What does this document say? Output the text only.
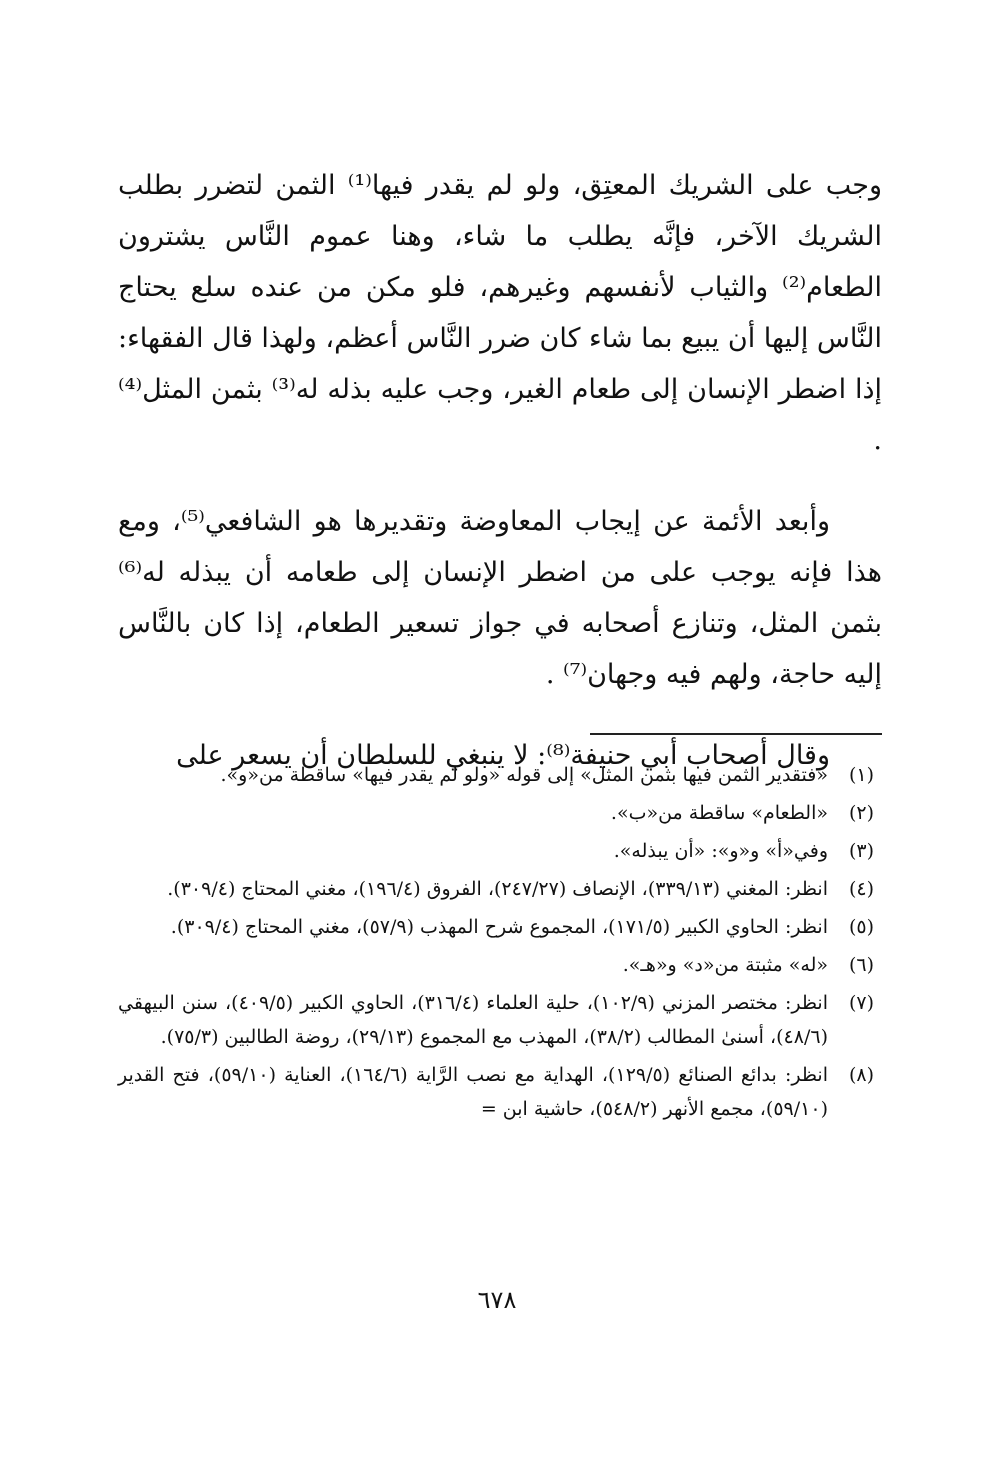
وجب على الشريك المعتِق، ولو لم يقدر فيها⁽¹⁾ الثمن لتضرر بطلب الشريك الآخر، فإنَّه يطلب ما شاء، وهنا عموم النَّاس يشترون الطعام⁽²⁾ والثياب لأنفسهم وغيرهم، فلو مكن من عنده سلع يحتاج النَّاس إليها أن يبيع بما شاء كان ضرر النَّاس أعظم، ولهذا قال الفقهاء: إذا اضطر الإنسان إلى طعام الغير، وجب عليه بذله له⁽³⁾ بثمن المثل⁽⁴⁾ .

وأبعد الأئمة عن إيجاب المعاوضة وتقديرها هو الشافعي⁽⁵⁾، ومع هذا فإنه يوجب على من اضطر الإنسان إلى طعامه أن يبذله له⁽⁶⁾ بثمن المثل، وتنازع أصحابه في جواز تسعير الطعام، إذا كان بالنَّاس إليه حاجة، ولهم فيه وجهان⁽⁷⁾ .

وقال أصحاب أبي حنيفة⁽⁸⁾: لا ينبغي للسلطان أن يسعر على

(١)
«فتقدير الثمن فيها بثمن المثل» إلى قوله «ولو لم يقدر فيها» ساقطة من«و».
(٢)
«الطعام» ساقطة من«ب».
(٣)
وفي«أ» و«و»: «أن يبذله».
(٤)
انظر: المغني (٣٣٩/١٣)، الإنصاف (٢٤٧/٢٧)، الفروق (١٩٦/٤)، مغني المحتاج (٣٠٩/٤).
(٥)
انظر: الحاوي الكبير (١٧١/٥)، المجموع شرح المهذب (٥٧/٩)، مغني المحتاج (٣٠٩/٤).
(٦)
«له» مثبتة من«د» و«هـ».
(٧)
انظر: مختصر المزني (١٠٢/٩)، حلية العلماء (٣١٦/٤)، الحاوي الكبير (٤٠٩/٥)، سنن البيهقي (٤٨/٦)، أسنىٰ المطالب (٣٨/٢)، المهذب مع المجموع (٢٩/١٣)، روضة الطالبين (٧٥/٣).
(٨)
انظر: بدائع الصنائع (١٢٩/٥)، الهداية مع نصب الرَّاية (١٦٤/٦)، العناية (٥٩/١٠)، فتح القدير (٥٩/١٠)، مجمع الأنهر (٥٤٨/٢)، حاشية ابن =
٦٧٨
